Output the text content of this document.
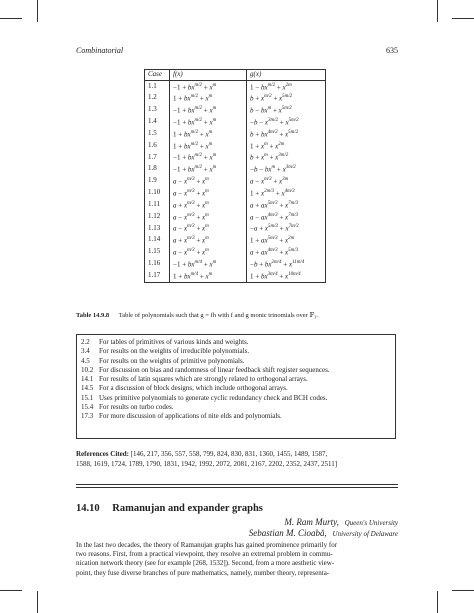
Combinatorial	635
Case	f(x)	g(x)
1.1	$-1 + bx^{m/2} + x^m$	$1 - bx^{m/2} + x^{2m}$
1.2	$1 + bx^{m/2} + x^m$	$b + x^{m/2} + x^{5m/2}$
1.3	$-1 + bx^{m/2} + x^m$	$b - bx^m + x^{5m/2}$
1.4	$-1 + bx^{m/2} + x^m$	$-b - x^{3m/2} + x^{5m/2}$
1.5	$1 + bx^{m/2} + x^m$	$b + bx^{4m/2} + x^{5m/2}$
1.6	$1 + bx^{m/2} + x^m$	$1 + x^m + x^{2m}$
1.7	$-1 + bx^{m/2} + x^m$	$b + x^m + x^{3m/2}$
1.8	$-1 + bx^{m/2} + x^m$	$-b - bx^m + x^{3m/2}$
1.9	$a - x^{m/3} + x^m$	$a - x^{m/3} + x^{3m}$
1.10	$a - x^{m/3} + x^m$	$1 + x^{2m/3} + x^{4m/3}$
1.11	$a + x^{m/3} + x^m$	$a + ax^{5m/3} + x^{7m/3}$
1.12	$a - x^{m/3} + x^m$	$a - ax^{4m/3} + x^{7m/3}$
1.13	$a - x^{m/3} + x^m$	$-a + x^{5m/3} + x^{7m/3}$
1.14	$a + x^{m/3} + x^m$	$1 + ax^{5m/3} + x^{2m}$
1.15	$a - x^{m/3} + x^m$	$a + ax^{4m/3} + x^{5m/3}$
1.16	$-1 + bx^{m/4} + x^m$	$-b + bx^{2m/4} + x^{11m/4}$
1.17	$1 + bx^{m/4} + x^m$	$1 + bx^{3m/4} + x^{10m/4}$
Table 14.9.8 Table of polynomials such that g = fh with f and g monic trinomials over 𝔽₃.
2.2 For tables of primitives of various kinds and weights.
3.4 For results on the weights of irreducible polynomials.
4.5 For results on the weights of primitive polynomials.
10.2 For discussion on bias and randomness of linear feedback shift register sequences.
14.1 For results of latin squares which are strongly related to orthogonal arrays.
14.5 For a discussion of block designs, which include orthogonal arrays.
15.1 Uses primitive polynomials to generate cyclic redundancy check and BCH codes.
15.4 For results on turbo codes.
17.3 For more discussion of applications of nite elds and polynomials.
References Cited: [146, 217, 356, 557, 558, 799, 824, 830, 831, 1360, 1455, 1489, 1587,
1588, 1619, 1724, 1789, 1790, 1831, 1942, 1992, 2072, 2081, 2167, 2202, 2352, 2437, 2511]
14.10 Ramanujan and expander graphs
M. Ram Murty, Queen's University
Sebastian M. Cioabă, University of Delaware
In the last two decades, the theory of Ramanujan graphs has gained prominence primarily for
two reasons. First, from a practical viewpoint, they resolve an extremal problem in commu-
nication network theory (see for example [268, 1532]). Second, from a more aesthetic view-
point, they fuse diverse branches of pure mathematics, namely, number theory, representa-
